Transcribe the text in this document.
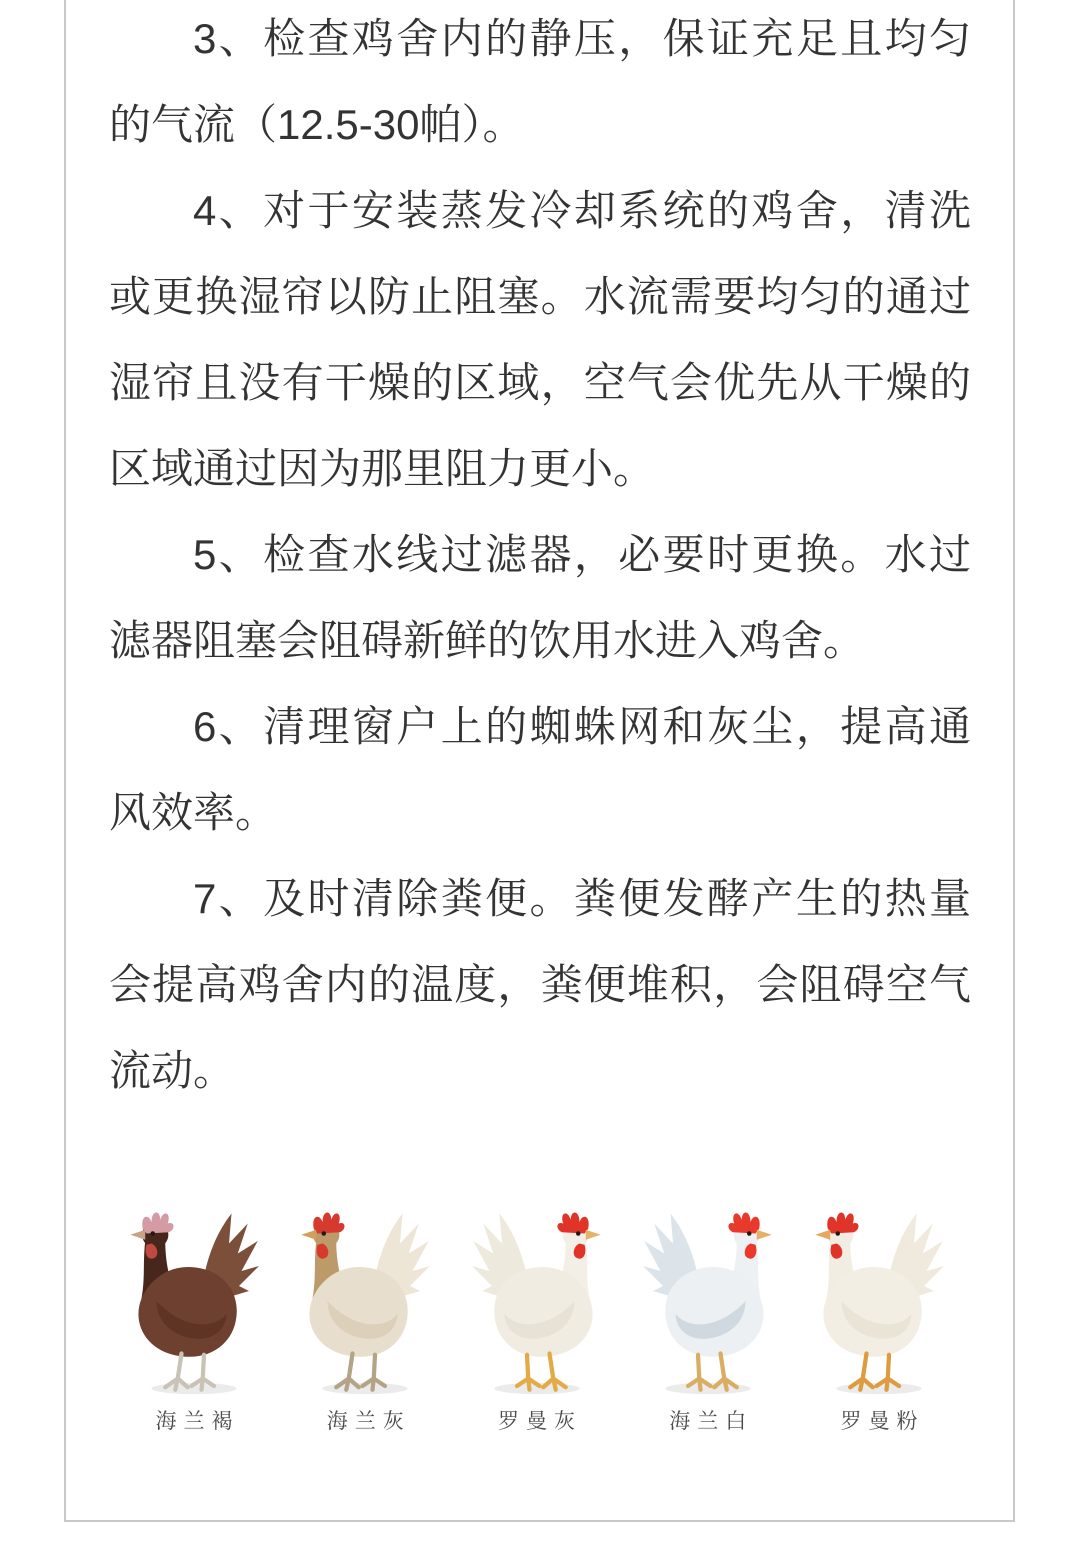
3、检查鸡舍内的静压，保证充足且均匀的气流（12.5-30帕）。

4、对于安装蒸发冷却系统的鸡舍，清洗或更换湿帘以防止阻塞。水流需要均匀的通过湿帘且没有干燥的区域，空气会优先从干燥的区域通过因为那里阻力更小。

5、检查水线过滤器，必要时更换。水过滤器阻塞会阻碍新鲜的饮用水进入鸡舍。

6、清理窗户上的蜘蛛网和灰尘，提高通风效率。

7、及时清除粪便。粪便发酵产生的热量会提高鸡舍内的温度，粪便堆积，会阻碍空气流动。

海兰褐	海兰灰	罗曼灰	海兰白	罗曼粉
